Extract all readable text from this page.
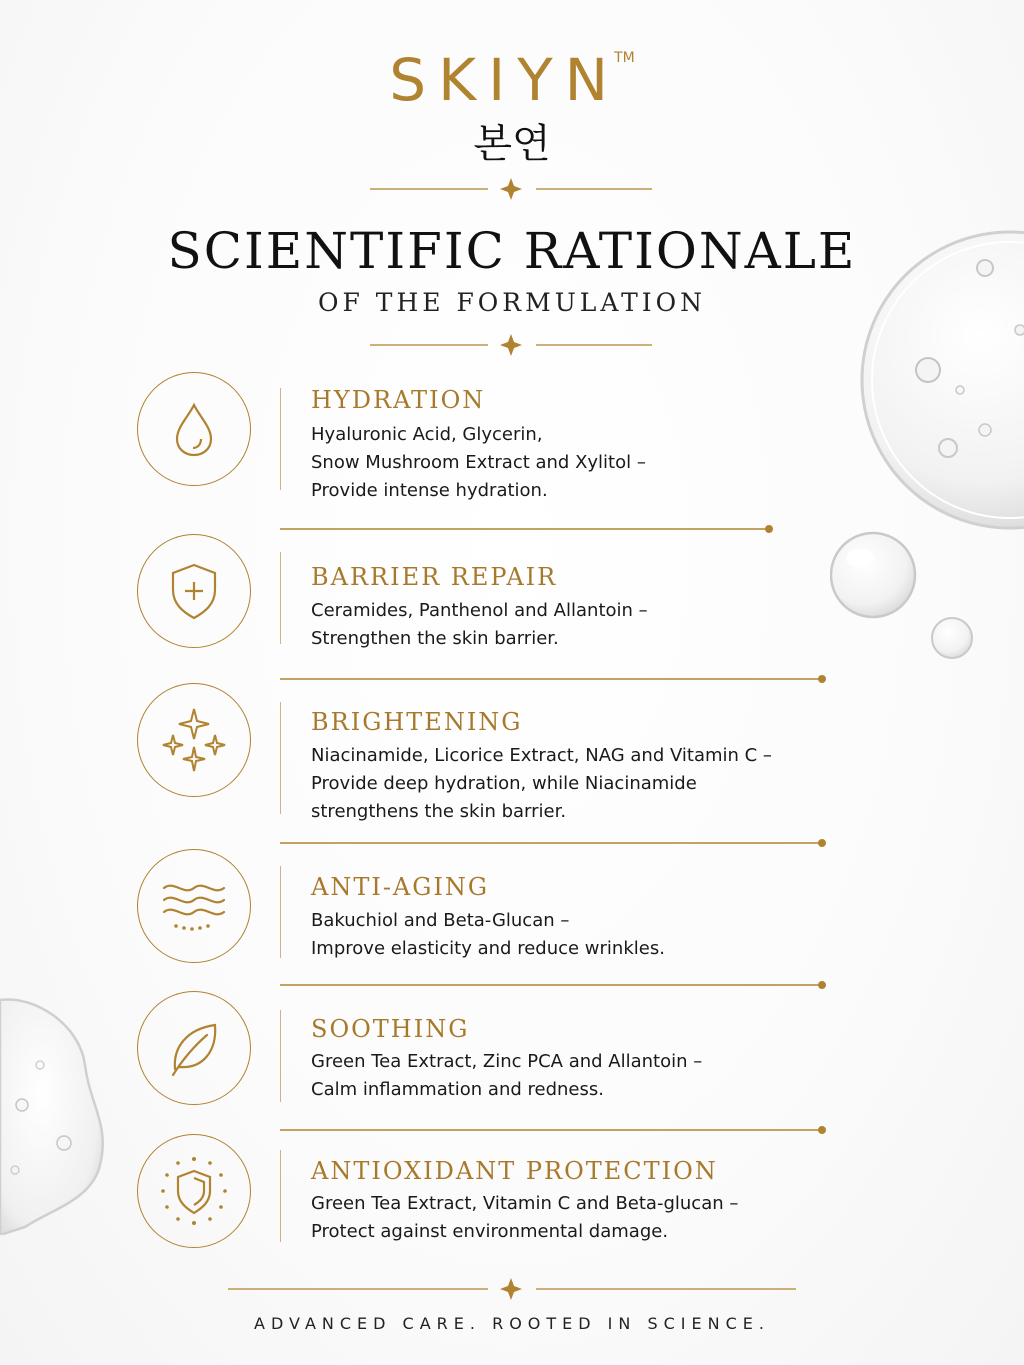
SKIYN™
본연
SCIENTIFIC RATIONALE
OF THE FORMULATION
HYDRATION
Hyaluronic Acid, Glycerin,
Snow Mushroom Extract and Xylitol –
Provide intense hydration.
BARRIER REPAIR
Ceramides, Panthenol and Allantoin –
Strengthen the skin barrier.
BRIGHTENING
Niacinamide, Licorice Extract, NAG and Vitamin C –
Provide deep hydration, while Niacinamide
strengthens the skin barrier.
ANTI-AGING
Bakuchiol and Beta-Glucan –
Improve elasticity and reduce wrinkles.
SOOTHING
Green Tea Extract, Zinc PCA and Allantoin –
Calm inflammation and redness.
ANTIOXIDANT PROTECTION
Green Tea Extract, Vitamin C and Beta-glucan –
Protect against environmental damage.
ADVANCED CARE. ROOTED IN SCIENCE.
